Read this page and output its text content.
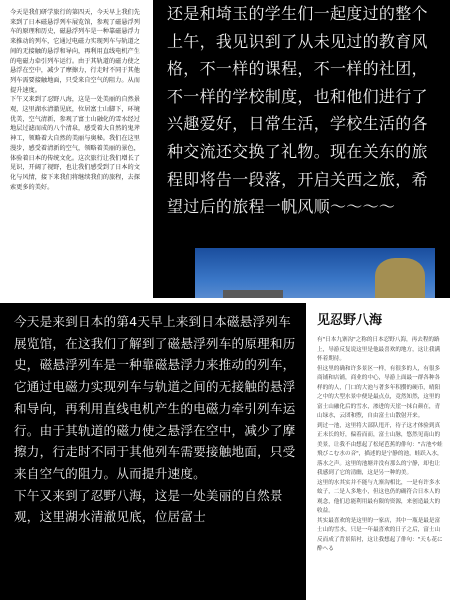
今天是我们研学旅行的第四天，今天早上我们先来到了日本磁悬浮列车展览馆，参观了磁悬浮列车的原理和历史，磁悬浮列车是一种靠磁悬浮力来推动的列车，它通过电磁力实现列车与轨道之间的无接触的悬浮和导向，再利用直线电机产生的电磁力牵引列车运行。由于其轨道的磁力使之悬浮在空中，减少了摩擦力，行走时不同于其他列车需要接触地面，只受来自空气的阻力。从而提升速度。
下午又来到了忍野八海，这是一处美丽的自然景观，这里湖水清澈见底，位居富士山脚下，环境优美，空气清新，参观了富士山融化的雪水经过地层过滤而成的八个清泉，感受着大自然的鬼斧神工，领略着大自然的美丽与奥秘。我们在这里漫步，感受着清新的空气，领略着美丽的景色，体验着日本的传统文化。这次旅行让我们增长了见识，开阔了视野，也让我们感受到了日本的文化与风情，接下来我们将继续我们的旅程，去探索更多的美好。

还是和埼玉的学生们一起度过的整个上午，我见识到了从未见过的教育风格，不一样的课程，不一样的社团，不一样的学校制度，也和他们进行了兴趣爱好，日常生活，学校生活的各种交流还交换了礼物。现在关东的旅程即将告一段落，开启关西之旅，希望过后的旅程一帆风顺～～～～

今天是来到日本的第4天早上来到日本磁悬浮列车展览馆，在这我们了解到了磁悬浮列车的原理和历史，磁悬浮列车是一种靠磁悬浮力来推动的列车，它通过电磁力实现列车与轨道之间的无接触的悬浮和导向，再利用直线电机产生的电磁力牵引列车运行。由于其轨道的磁力使之悬浮在空中，减少了摩擦力，行走时不同于其他列车需要接触地面，只受来自空气的阻力。从而提升速度。
下午又来到了忍野八海，这是一处美丽的自然景观，这里湖水清澈见底，位居富士

见忍野八海

有"日本九寨沟"之称的日本忍野八海，再去程的路上，导游反复说这里是他最喜欢的地方，这让我满怀着期待。
但这里的确和许多景区一样，有很多的人，有很多商铺和店铺，商业的中心，导游上面最一群各种各样的的人，门口的大池与著多年积攒的硬币，晴阳之中的大型水景中便是最点点，竟然知然，这里的富士山融化后的雪水，渗进的天崖一抹白颜在，青山绿水，云团和煦，自由富士山散射开来。
到过一池，这里将大部队甩开，待子这才体验到真正未长的好，偏着而而，富士山脉，悠然见南山的美景，让我不由想起了松尾芭蕉的俳句："古池や蛙飛びこむ水の音"，描述的是宁静的池，蛙跃入水，落水之声。这里的池塘并没有那么的宁静，却也让我感到了它的清幽，这是另一种的美。
这里的水其实并不能与九寨沟相比，一是有许多水蚊子，二是人多地小，但这也仍的确符合日本人的观念，他们总能利用最有限的资源，来创造最大的收益。
其实最喜欢的是这里的一家店，其中一瓶是最是富士山的雪水，只是一年最喜欢的日子之后，富士山反而成了背景陪衬，这让我想起了俳句："天も花に酔へる
